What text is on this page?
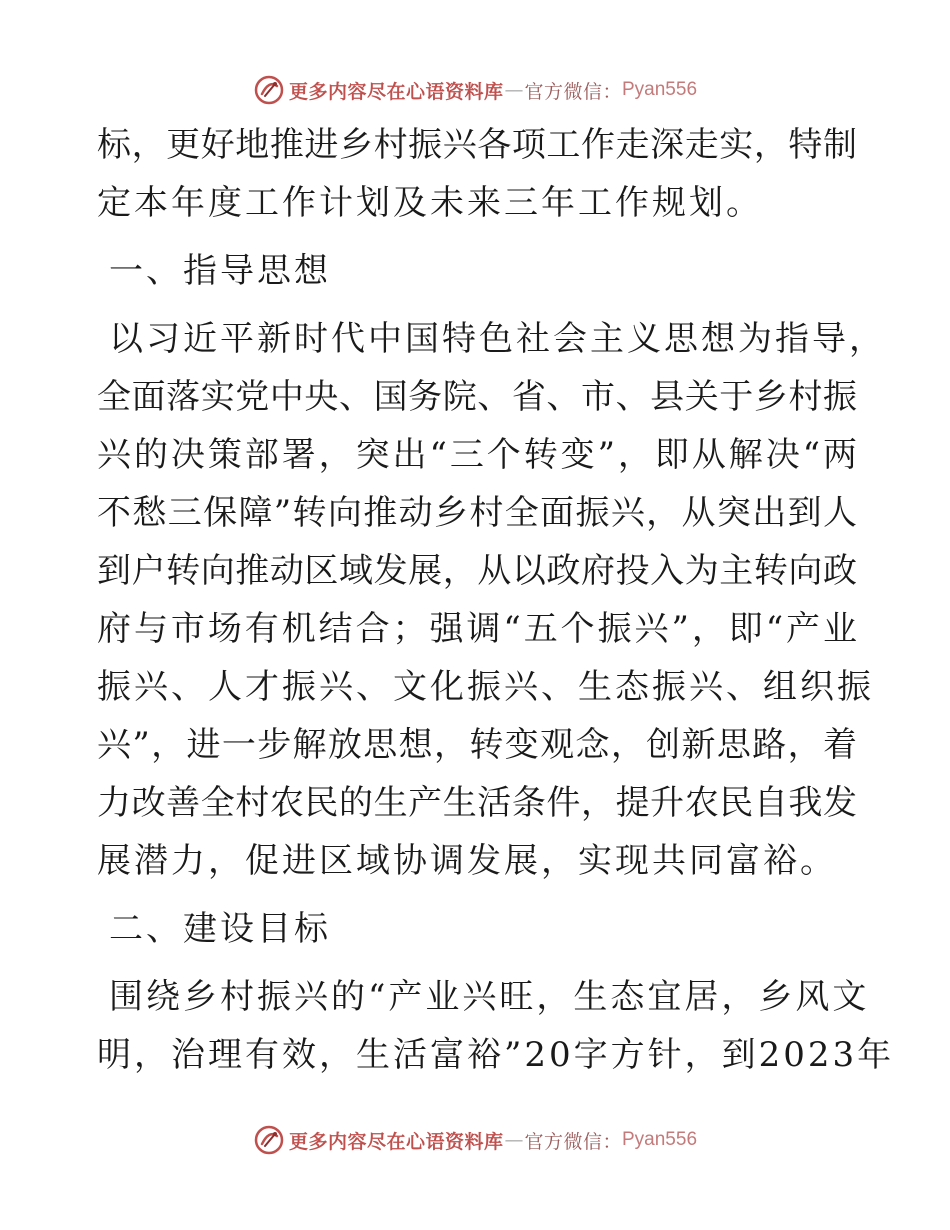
更多内容尽在心语资料库 — 官方微信： Pyan556

标，更好地推进乡村振兴各项工作走深走实，特制

定本年度工作计划及未来三年工作规划。

一、指导思想

以习近平新时代中国特色社会主义思想为指导，

全面落实党中央、国务院、省、市、县关于乡村振

兴的决策部署，突出“三个转变”，即从解决“两

不愁三保障”转向推动乡村全面振兴，从突出到人

到户转向推动区域发展，从以政府投入为主转向政

府与市场有机结合；强调“五个振兴”，即“产业

振兴、人才振兴、文化振兴、生态振兴、组织振

兴”，进一步解放思想，转变观念，创新思路，着

力改善全村农民的生产生活条件，提升农民自我发

展潜力，促进区域协调发展，实现共同富裕。

二、建设目标

围绕乡村振兴的“产业兴旺，生态宜居，乡风文

明，治理有效，生活富裕”20字方针，到2023年

更多内容尽在心语资料库 — 官方微信： Pyan556
